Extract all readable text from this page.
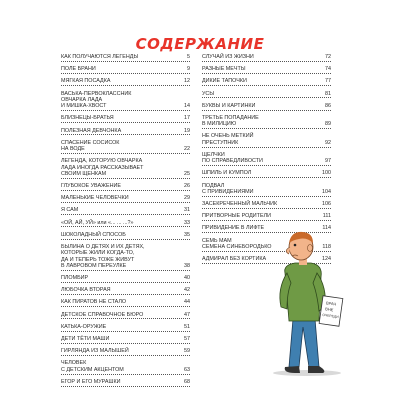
СОДЕРЖАНИЕ
КАК ПОЛУЧАЮТСЯ ЛЕГЕНДЫ	5
ПОЛЕ БРАНИ	9
МЯГКАЯ ПОСАДКА	12
ВАСЬКА-ПЕРВОКЛАССНИК
ОВЧАРКА ЛАДА
И МИШКА-ХВОСТ	14
БЛИЗНЕЦЫ-БРАТЬЯ	17
ПОЛЕЗНАЯ ДЕВЧОНКА	19
СПАСЕНИЕ СОСИСОК
НА ВОДЕ	22
ЛЕГЕНДА, КОТОРУЮ ОВЧАРКА
ЛАДА ИНОГДА РАССКАЗЫВАЕТ
СВОИМ ЩЕНКАМ	25
ГЛУБОКОЕ УВАЖЕНИЕ	26
МАЛЕНЬКИЕ ЧЕЛОВЕЧКИ	29
Я САМ	31
«ОЙ, АЙ, УЙ» или «... ... ...?»	33
ШОКОЛАДНЫЙ СПОСОБ	35
БЫЛИНА О ДЕТЯХ И ИХ ДЕТЯХ,
КОТОРЫЕ ЖИЛИ КОГДА-ТО,
ДА И ТЕПЕРЬ ТОЖЕ ЖИВУТ
В ЛАВРОВОМ ПЕРЕУЛКЕ	38
ПЛОМБИР	40
ЛЮБОЧКА ВТОРАЯ	42
КАК ПИРАТОВ НЕ СТАЛО	44
ДЕТСКОЕ СПРАВОЧНОЕ БЮРО	47
КАТЬКА-ОРУЖИЕ	51
ДЕТИ ТЁТИ МАШИ	57
ГИРЛЯНДА ИЗ МАЛЫШЕЙ	59
ЧЕЛОВЕК
С ДЕТСКИМ АКЦЕНТОМ	63
ЕГОР И ЕГО МУРАШКИ	68
СЛУЧАЙ ИЗ ЖИЗНИ	72
РАЗНЫЕ МЕЧТЫ	74
ДИКИЕ ТАПОЧКИ	77
УСЫ	81
БУКВЫ И КАРТИНКИ	86
ТРЕТЬЕ ПОПАДАНИЕ
В МИЛИЦИЮ	89
НЕ ОЧЕНЬ МЕТКИЙ
ПРЕСТУПНИК	92
ЩЕЛЧКИ
ПО СПРАВЕДЛИВОСТИ	97
ШПИЛЬ И КУМПОЛ	100
ПОДВАЛ
С ПРИВИДЕНИЯМИ	104
ЗАСЕКРЕЧЕННЫЙ МАЛЬЧИК	106
ПРИТВОРНЫЕ РОДИТЕЛИ	111
ПРИВИДЕНИЕ В ЛИФТЕ	114
СЕМЬ МАМ
СЕМЕНА СИНЕБОРОДЬКО	118
АДМИРАЛ БЕЗ КОРТИКА	124
ВРАЧ
ВНЕ
ОЧЕРЕДИ
